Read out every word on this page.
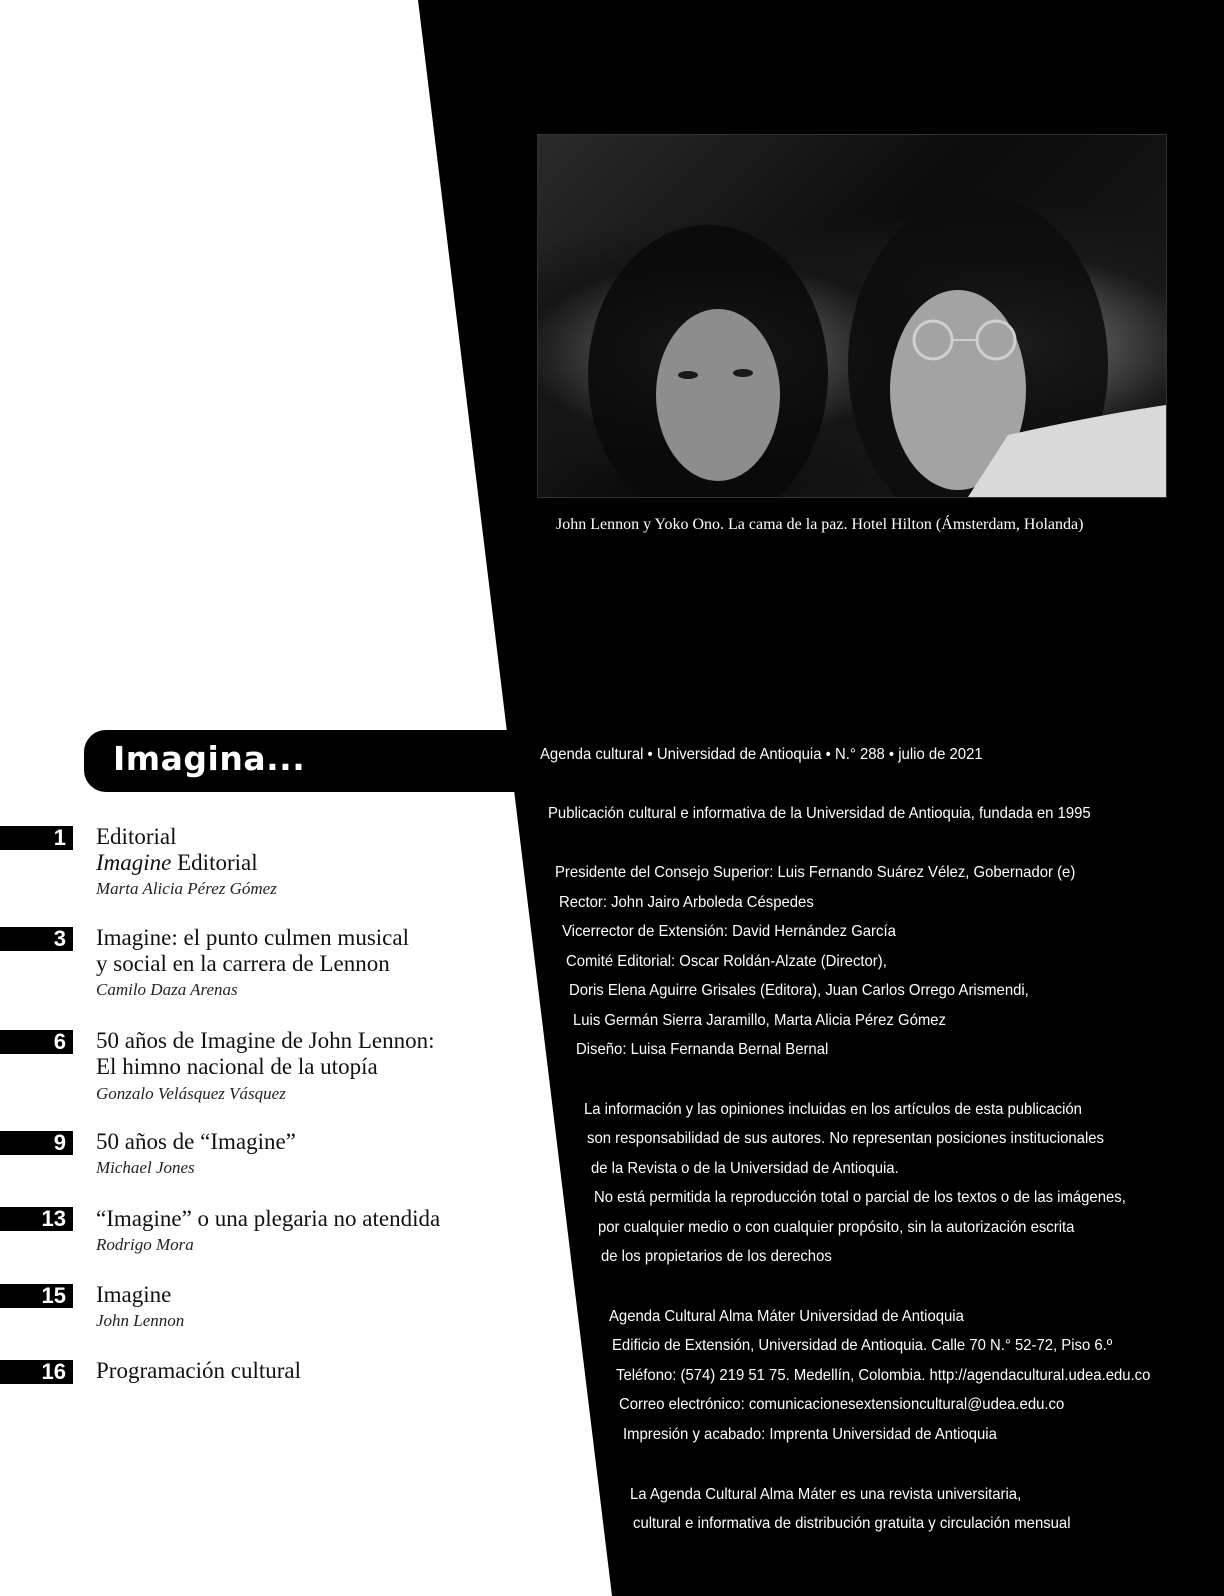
John Lennon y Yoko Ono. La cama de la paz. Hotel Hilton (Ámsterdam, Holanda)
Imagina...
1	Editorial
Imagine Editorial
Marta Alicia Pérez Gómez
3	Imagine: el punto culmen musical
y social en la carrera de Lennon
Camilo Daza Arenas
6	50 años de Imagine de John Lennon:
El himno nacional de la utopía
Gonzalo Velásquez Vásquez
9	50 años de “Imagine”
Michael Jones
13	“Imagine” o una plegaria no atendida
Rodrigo Mora
15	Imagine
John Lennon
16	Programación cultural
Agenda cultural • Universidad de Antioquia • N.° 288 • julio de 2021
Publicación cultural e informativa de la Universidad de Antioquia, fundada en 1995
Presidente del Consejo Superior: Luis Fernando Suárez Vélez, Gobernador (e)
Rector: John Jairo Arboleda Céspedes
Vicerrector de Extensión: David Hernández García
Comité Editorial: Oscar Roldán-Alzate (Director),
Doris Elena Aguirre Grisales (Editora), Juan Carlos Orrego Arismendi,
Luis Germán Sierra Jaramillo, Marta Alicia Pérez Gómez
Diseño: Luisa Fernanda Bernal Bernal
La información y las opiniones incluidas en los artículos de esta publicación
son responsabilidad de sus autores. No representan posiciones institucionales
de la Revista o de la Universidad de Antioquia.
No está permitida la reproducción total o parcial de los textos o de las imágenes,
por cualquier medio o con cualquier propósito, sin la autorización escrita
de los propietarios de los derechos
Agenda Cultural Alma Máter Universidad de Antioquia
Edificio de Extensión, Universidad de Antioquia. Calle 70 N.° 52-72, Piso 6.º
Teléfono: (574) 219 51 75. Medellín, Colombia. http://agendacultural.udea.edu.co
Correo electrónico: comunicacionesextensioncultural@udea.edu.co
Impresión y acabado: Imprenta Universidad de Antioquia
La Agenda Cultural Alma Máter es una revista universitaria,
cultural e informativa de distribución gratuita y circulación mensual
